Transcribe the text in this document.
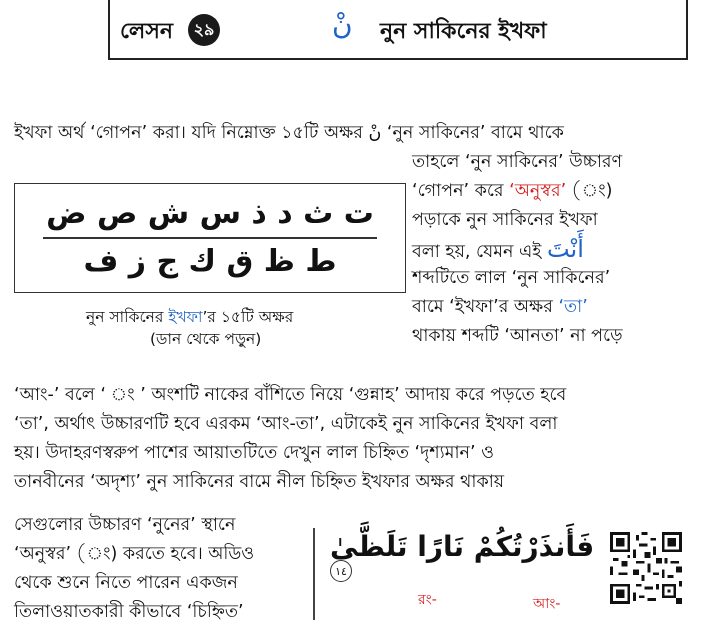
লেসন	২৯	نْ নুন সাকিনের ইখফা
ইখফা অর্থ ‘গোপন’ করা। যদি নিম্নোক্ত ১৫টি অক্ষর نْ ‘নুন সাকিনের’ বামে থাকে
তাহলে ‘নুন সাকিনের’ উচ্চারণ
‘গোপন’ করে ‘অনুস্বর’ (ং)
পড়াকে নুন সাকিনের ইখফা
বলা হয়, যেমন এই أَنْتَ
শব্দটিতে লাল ‘নুন সাকিনের’
বামে ‘ইখফা’র অক্ষর ‘তা’
থাকায় শব্দটি ‘আনতা’ না পড়ে
‘আং-’ বলে ‘ ং ’ অংশটি নাকের বাঁশিতে নিয়ে ‘গুন্নাহ’ আদায় করে পড়তে হবে
‘তা’, অর্থাৎ উচ্চারণটি হবে এরকম ‘আং-তা’, এটাকেই নুন সাকিনের ইখফা বলা
হয়। উদাহরণস্বরুপ পাশের আয়াতটিতে দেখুন লাল চিহ্নিত ‘দৃশ্যমান’ ও
তানবীনের ‘অদৃশ্য’ নুন সাকিনের বামে নীল চিহ্নিত ইখফার অক্ষর থাকায়
সেগুলোর উচ্চারণ ‘নুনের’ স্থানে
‘অনুস্বর’ (ং) করতে হবে। অডিও
থেকে শুনে নিতে পারেন একজন
তিলাওয়াতকারী কীভাবে ‘চিহ্নিত’
ت ث د ذ س ش ص ض
ط ظ ق ك ج ز ف
নুন সাকিনের ইখফা’র ১৫টি অক্ষর
(ডান থেকে পড়ুন)
فَأَنذَرْتُكُمْ نَارًا تَلَظَّىٰ
١٤
রং-	আং-
